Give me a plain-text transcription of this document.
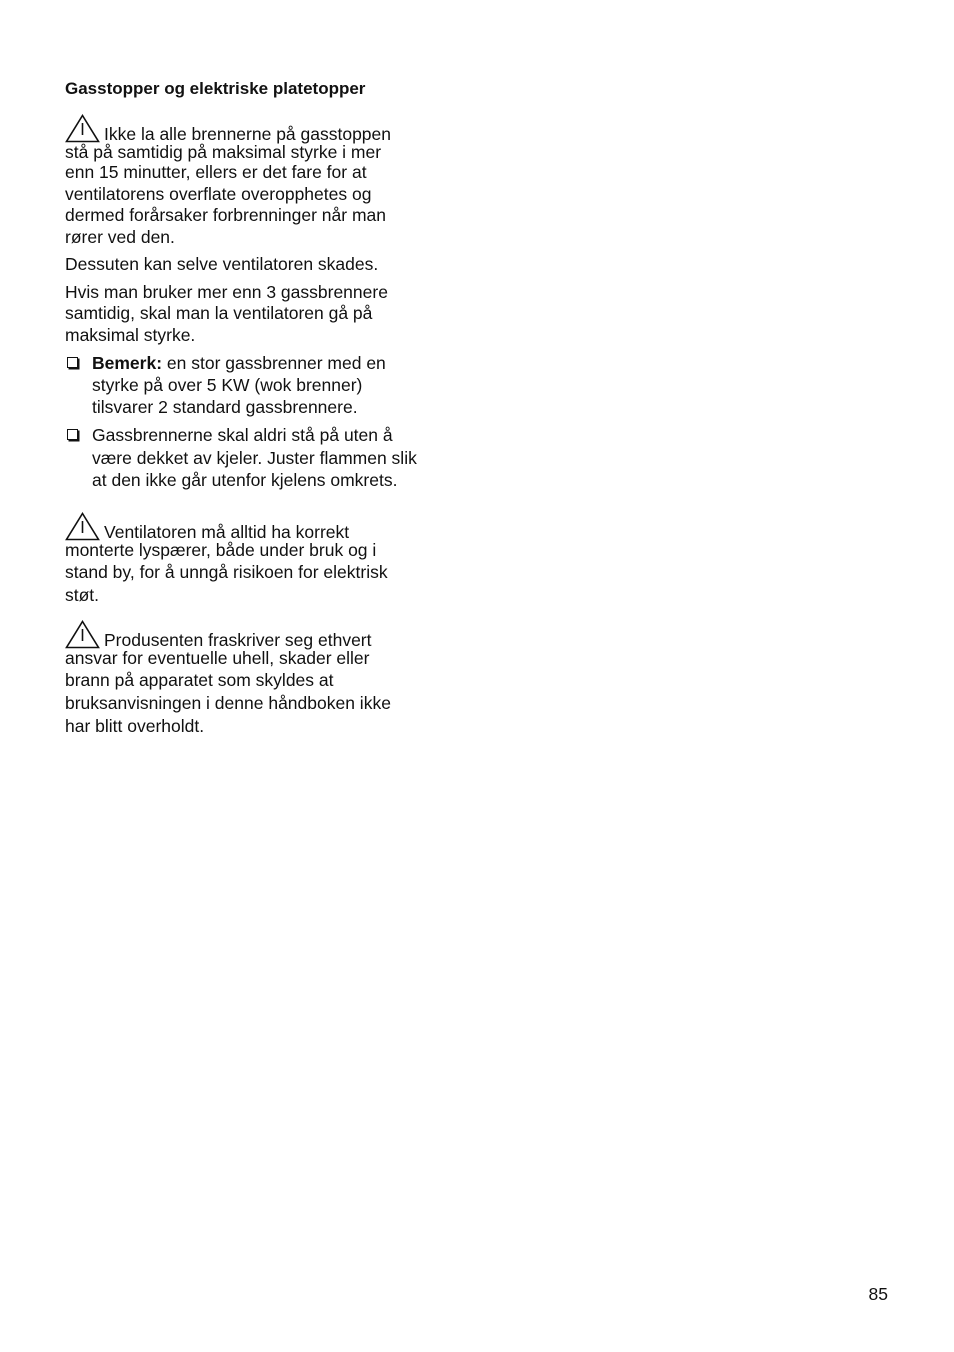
Gasstopper og elektriske platetopper

Ikke la alle brennerne på gasstoppen

stå på samtidig på maksimal styrke i mer

enn 15 minutter, ellers er det fare for at

ventilatorens overflate overopphetes og

dermed forårsaker forbrenninger når man

rører ved den.

Dessuten kan selve ventilatoren skades.

Hvis man bruker mer enn 3 gassbrennere

samtidig, skal man la ventilatoren gå på

maksimal styrke.

Bemerk: en stor gassbrenner med en
styrke på over 5 KW (wok brenner)
tilsvarer 2 standard gassbrennere.
Gassbrennerne skal aldri stå på uten å
være dekket av kjeler. Juster flammen slik
at den ikke går utenfor kjelens omkrets.

Ventilatoren må alltid ha korrekt

monterte lyspærer, både under bruk og i

stand by, for å unngå risikoen for elektrisk

støt.

Produsenten fraskriver seg ethvert

ansvar for eventuelle uhell, skader eller

brann på apparatet som skyldes at

bruksanvisningen i denne håndboken ikke

har blitt overholdt.

85
